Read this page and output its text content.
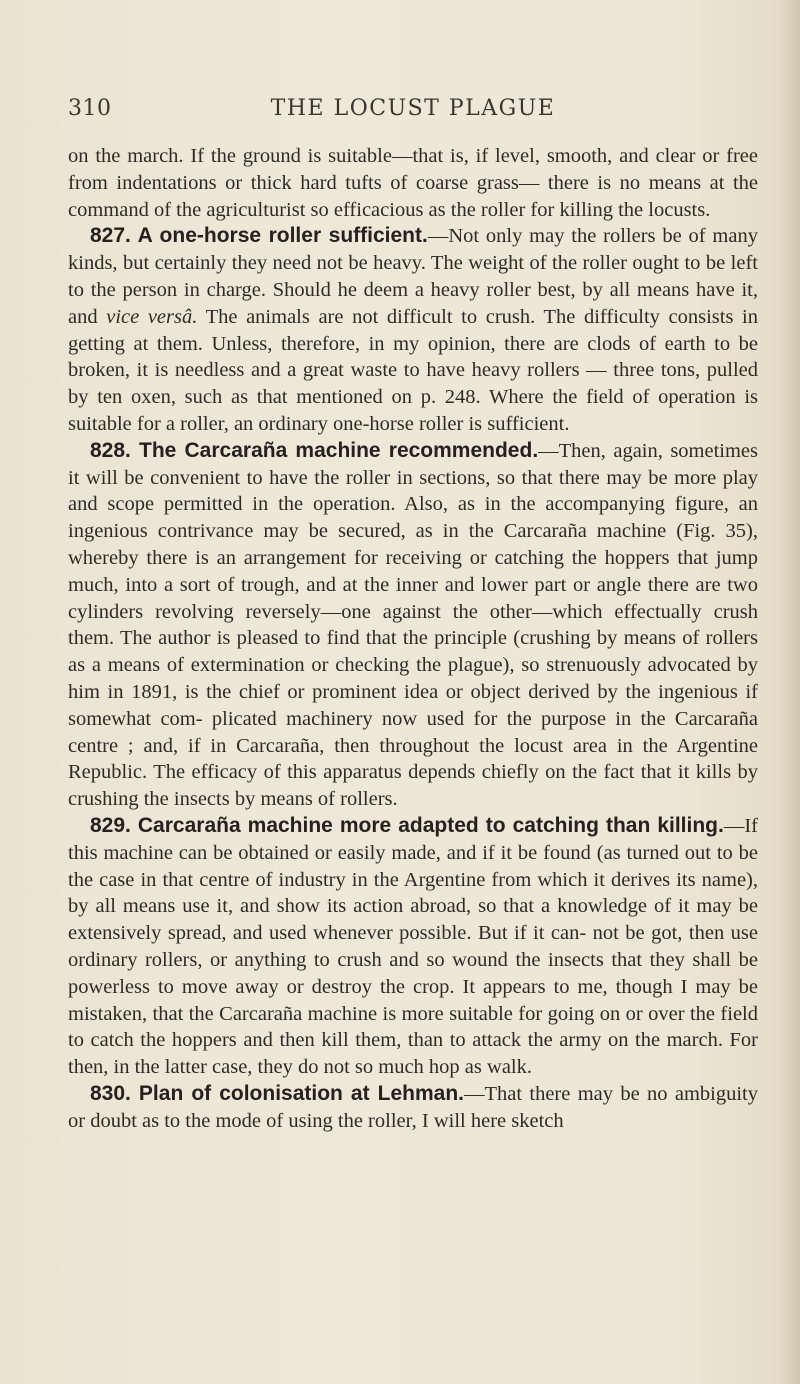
310	THE LOCUST PLAGUE

on the march. If the ground is suitable—that is, if level, smooth, and clear or free from indentations or thick hard tufts of coarse grass— there is no means at the command of the agriculturist so efficacious as the roller for killing the locusts.

827. A one-horse roller sufficient.—Not only may the rollers be of many kinds, but certainly they need not be heavy. The weight of the roller ought to be left to the person in charge. Should he deem a heavy roller best, by all means have it, and vice versâ. The animals are not difficult to crush. The difficulty consists in getting at them. Unless, therefore, in my opinion, there are clods of earth to be broken, it is needless and a great waste to have heavy rollers — three tons, pulled by ten oxen, such as that mentioned on p. 248. Where the field of operation is suitable for a roller, an ordinary one-horse roller is sufficient.

828. The Carcaraña machine recommended.—Then, again, sometimes it will be convenient to have the roller in sections, so that there may be more play and scope permitted in the operation. Also, as in the accompanying figure, an ingenious contrivance may be secured, as in the Carcaraña machine (Fig. 35), whereby there is an arrangement for receiving or catching the hoppers that jump much, into a sort of trough, and at the inner and lower part or angle there are two cylinders revolving reversely—one against the other—which effectually crush them. The author is pleased to find that the principle (crushing by means of rollers as a means of extermination or checking the plague), so strenuously advocated by him in 1891, is the chief or prominent idea or object derived by the ingenious if somewhat com- plicated machinery now used for the purpose in the Carcaraña centre ; and, if in Carcaraña, then throughout the locust area in the Argentine Republic. The efficacy of this apparatus depends chiefly on the fact that it kills by crushing the insects by means of rollers.

829. Carcaraña machine more adapted to catching than killing.—If this machine can be obtained or easily made, and if it be found (as turned out to be the case in that centre of industry in the Argentine from which it derives its name), by all means use it, and show its action abroad, so that a knowledge of it may be extensively spread, and used whenever possible. But if it can- not be got, then use ordinary rollers, or anything to crush and so wound the insects that they shall be powerless to move away or destroy the crop. It appears to me, though I may be mistaken, that the Carcaraña machine is more suitable for going on or over the field to catch the hoppers and then kill them, than to attack the army on the march. For then, in the latter case, they do not so much hop as walk.

830. Plan of colonisation at Lehman.—That there may be no ambiguity or doubt as to the mode of using the roller, I will here sketch
